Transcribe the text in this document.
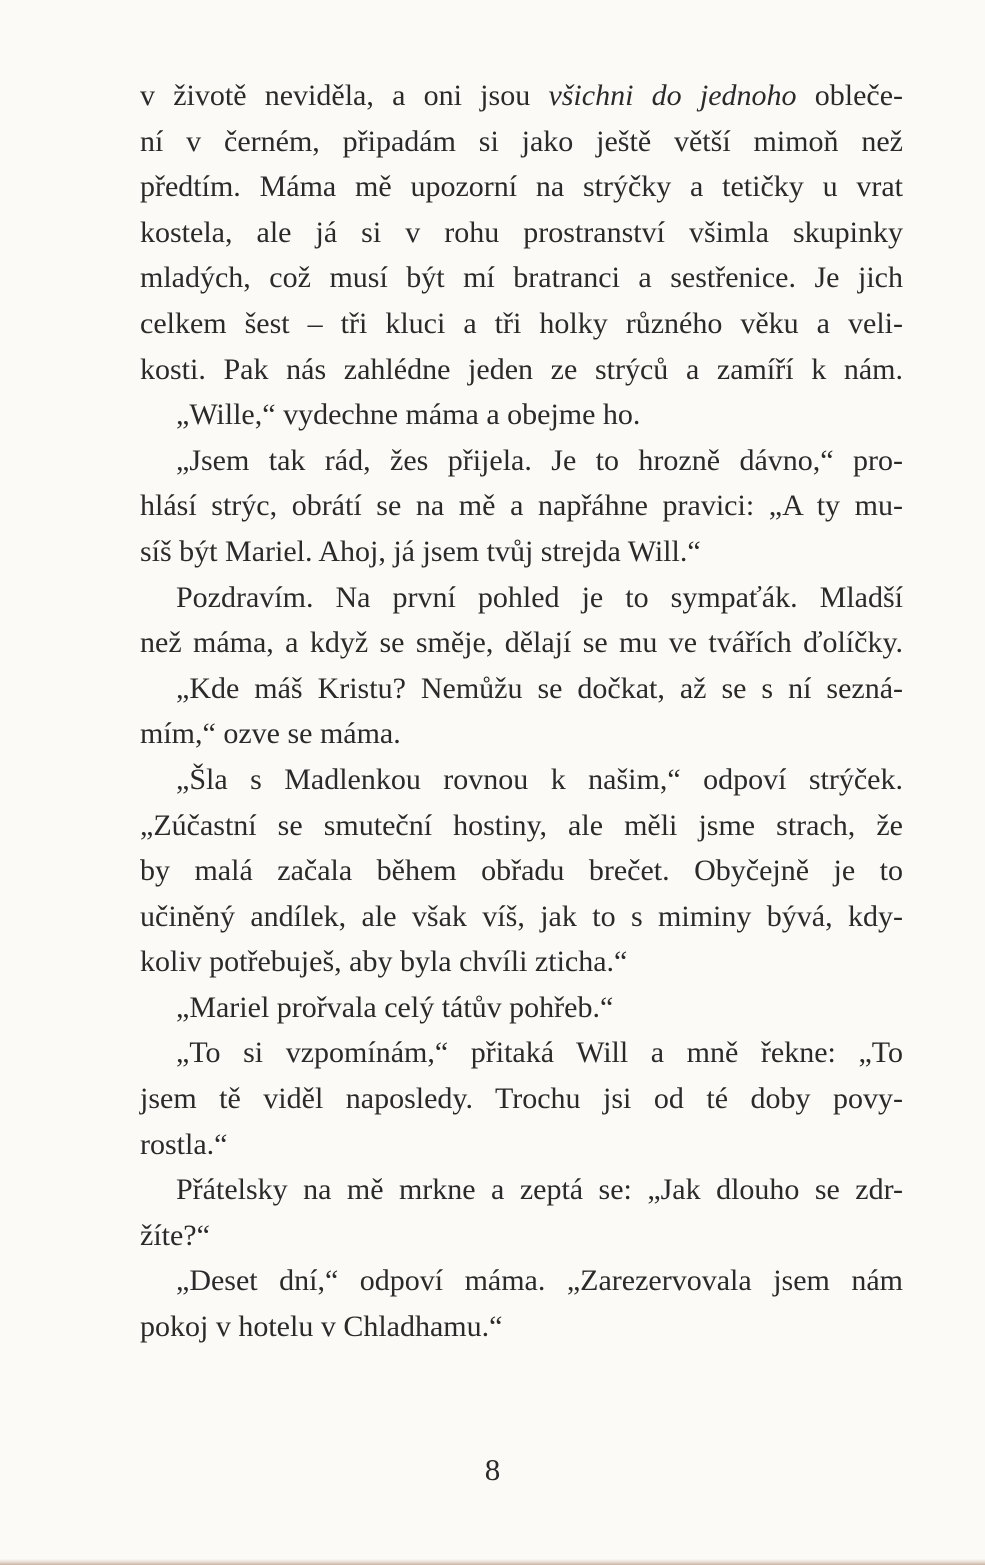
v životě neviděla, a oni jsou všichni do jednoho obleče-
ní v černém, připadám si jako ještě větší mimoň než
předtím. Máma mě upozorní na strýčky a tetičky u vrat
kostela, ale já si v rohu prostranství všimla skupinky
mladých, což musí být mí bratranci a sestřenice. Je jich
celkem šest – tři kluci a tři holky různého věku a veli-
kosti. Pak nás zahlédne jeden ze strýců a zamíří k nám.
„Wille,“ vydechne máma a obejme ho.
„Jsem tak rád, žes přijela. Je to hrozně dávno,“ pro-
hlásí strýc, obrátí se na mě a napřáhne pravici: „A ty mu-
síš být Mariel. Ahoj, já jsem tvůj strejda Will.“
Pozdravím. Na první pohled je to sympaťák. Mladší
než máma, a když se směje, dělají se mu ve tvářích ďolíčky.
„Kde máš Kristu? Nemůžu se dočkat, až se s ní sezná-
mím,“ ozve se máma.
„Šla s Madlenkou rovnou k našim,“ odpoví strýček.
„Zúčastní se smuteční hostiny, ale měli jsme strach, že
by malá začala během obřadu brečet. Obyčejně je to
učiněný andílek, ale však víš, jak to s miminy bývá, kdy-
koliv potřebuješ, aby byla chvíli zticha.“
„Mariel prořvala celý tátův pohřeb.“
„To si vzpomínám,“ přitaká Will a mně řekne: „To
jsem tě viděl naposledy. Trochu jsi od té doby povy-
rostla.“
Přátelsky na mě mrkne a zeptá se: „Jak dlouho se zdr-
žíte?“
„Deset dní,“ odpoví máma. „Zarezervovala jsem nám
pokoj v hotelu v Chladhamu.“
8
